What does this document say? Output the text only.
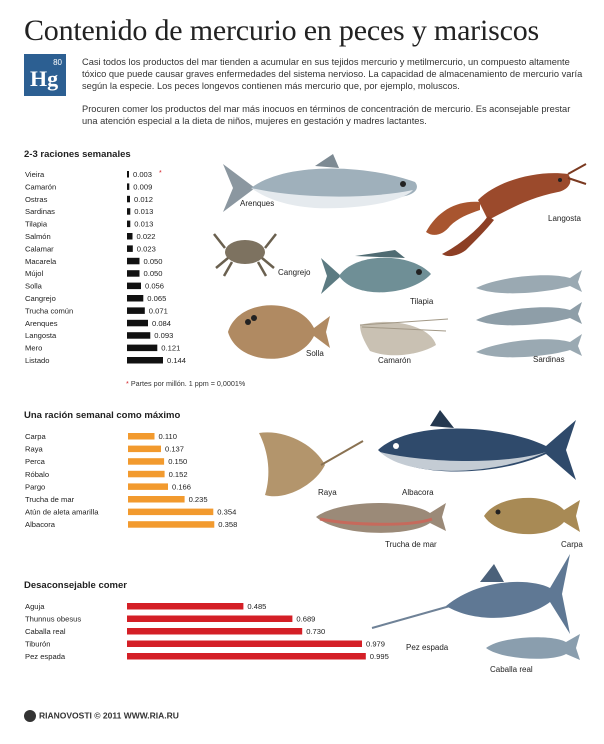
Contenido de mercurio en peces y mariscos
80
Hg
Casi todos los productos del mar tienden a acumular en sus tejidos mercurio y metilmercurio, un compuesto altamente tóxico que puede causar graves enfermedades del sistema nervioso. La capacidad de almacenamiento de mercurio varía según la especie. Los peces longevos contienen más mercurio que, por ejemplo, moluscos.
Procuren comer los productos del mar más inocuos en términos de concentración de mercurio. Es aconsejable prestar una atención especial a la dieta de niños, mujeres en gestación y madres lactantes.
2-3 raciones semanales
Una ración semanal como máximo
Desaconsejable comer
Vieira	0.003 *
Camarón	0.009
Ostras	0.012
Sardinas	0.013
Tilapia	0.013
Salmón	0.022
Calamar	0.023
Macarela	0.050
Mújol	0.050
Solla	0.056
Cangrejo	0.065
Trucha común	0.071
Arenques	0.084
Langosta	0.093
Mero	0.121
Listado	0.144
Carpa	0.110
Raya	0.137
Perca	0.150
Róbalo	0.152
Pargo	0.166
Trucha de mar	0.235
Atún de aleta amarilla	0.354
Albacora	0.358
Aguja	0.485
Thunnus obesus	0.689
Caballa real	0.730
Tiburón	0.979
Pez espada	0.995
* Partes por millón. 1 ppm = 0,0001%
Arenques
Langosta
Cangrejo
Tilapia
Solla
Camarón	Sardinas
Raya	Albacora
Trucha de mar	Carpa
Pez espada
Caballa real
RIANOVOSTI © 2011 WWW.RIA.RU
